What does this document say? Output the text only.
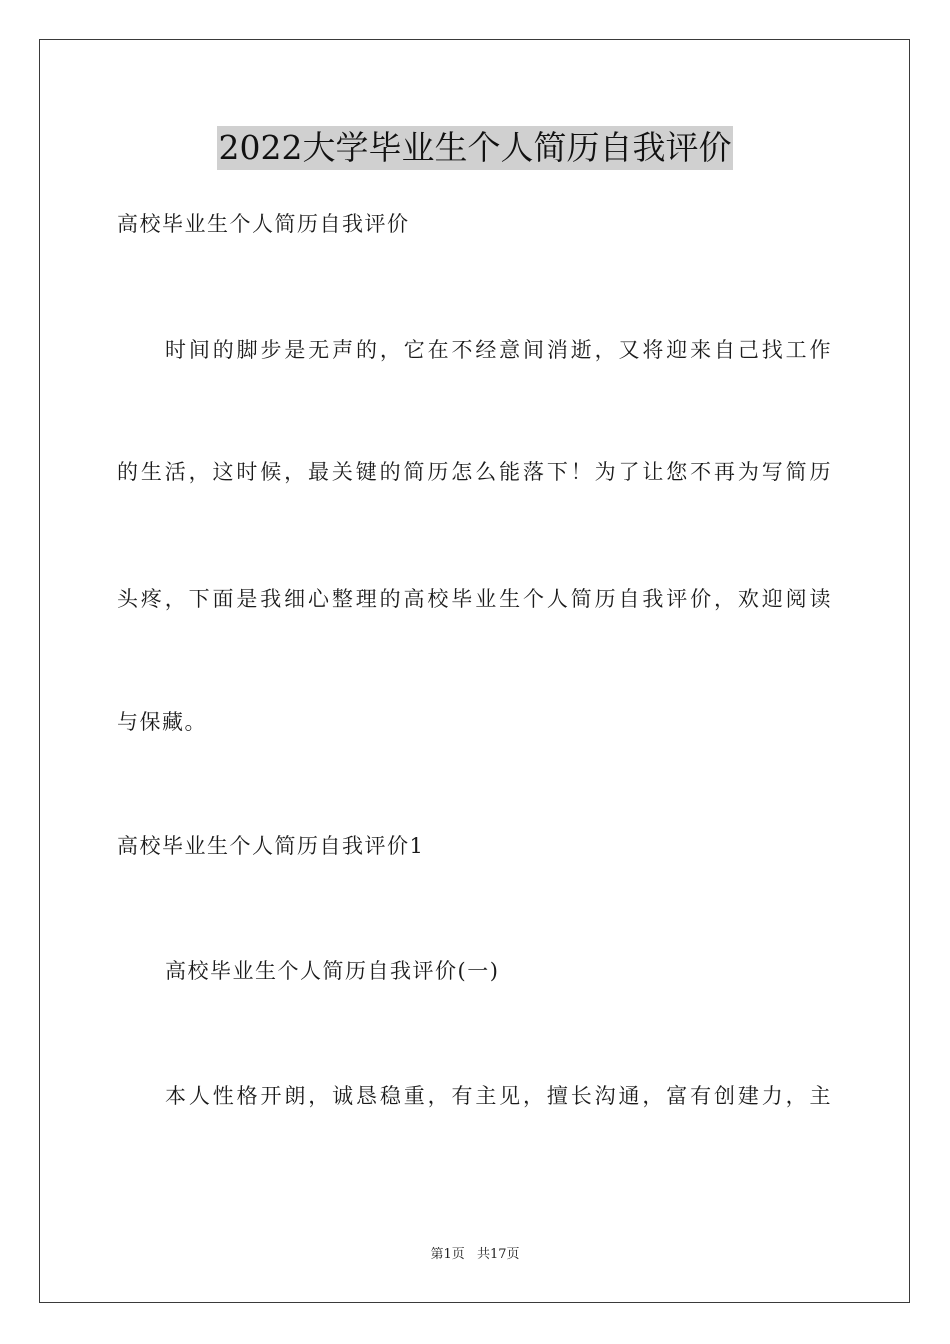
2022大学毕业生个人简历自我评价
高校毕业生个人简历自我评价
时间的脚步是无声的，它在不经意间消逝，又将迎来自己找工作
的生活，这时候，最关键的简历怎么能落下！为了让您不再为写简历
头疼，下面是我细心整理的高校毕业生个人简历自我评价，欢迎阅读
与保藏。
高校毕业生个人简历自我评价1
高校毕业生个人简历自我评价(一)
本人性格开朗，诚恳稳重，有主见，擅长沟通，富有创建力，主
第1页 共17页
